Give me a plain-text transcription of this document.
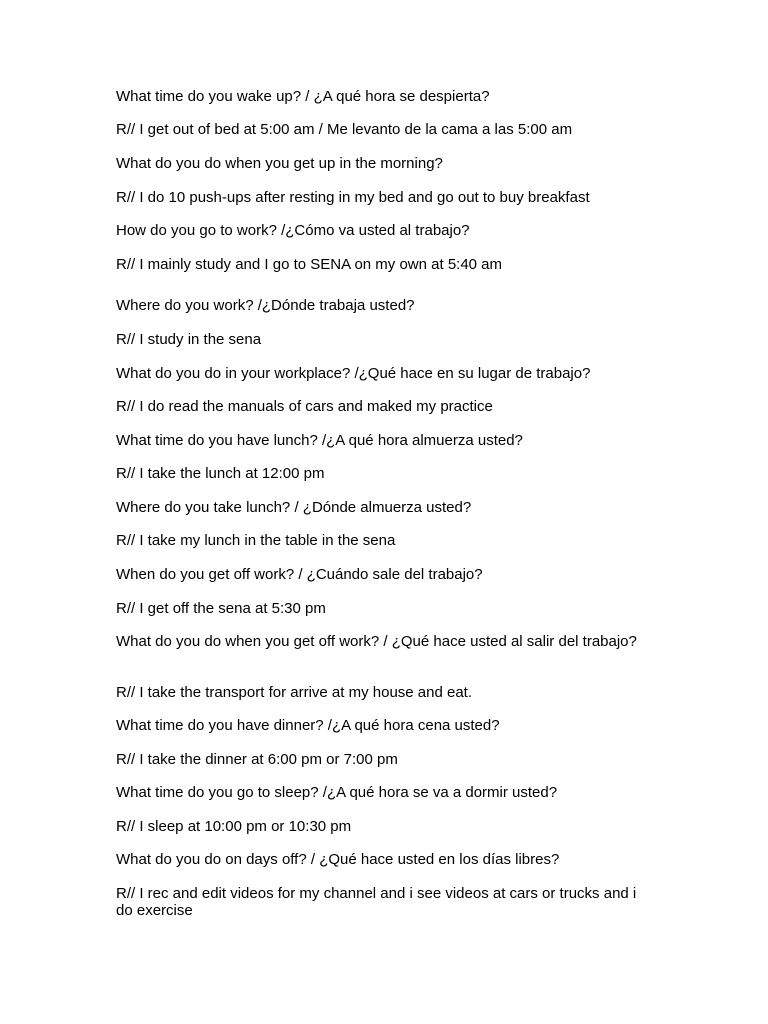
What time do you wake up? / ¿A qué hora se despierta?

R// I get out of bed at 5:00 am / Me levanto de la cama a las 5:00 am

What do you do when you get up in the morning?

R// I do 10 push-ups after resting in my bed and go out to buy breakfast

How do you go to work? /¿Cómo va usted al trabajo?

R// I mainly study and I go to SENA on my own at 5:40 am

Where do you work? /¿Dónde trabaja usted?

R// I study in the sena

What do you do in your workplace? /¿Qué hace en su lugar de trabajo?

R// I do read the manuals of cars and maked my practice

What time do you have lunch? /¿A qué hora almuerza usted?

R// I take the lunch at 12:00 pm

Where do you take lunch? / ¿Dónde almuerza usted?

R// I take my lunch in the table in the sena

When do you get off work? / ¿Cuándo sale del trabajo?

R// I get off the sena at 5:30 pm

What do you do when you get off work? / ¿Qué hace usted al salir del trabajo?

R// I take the transport for arrive at my house and eat.

What time do you have dinner? /¿A qué hora cena usted?

R// I take the dinner at 6:00 pm or 7:00 pm

What time do you go to sleep? /¿A qué hora se va a dormir usted?

R// I sleep at 10:00 pm or 10:30 pm

What do you do on days off? / ¿Qué hace usted en los días libres?

R// I rec and edit videos for my channel and i see videos at cars or trucks and i do exercise
